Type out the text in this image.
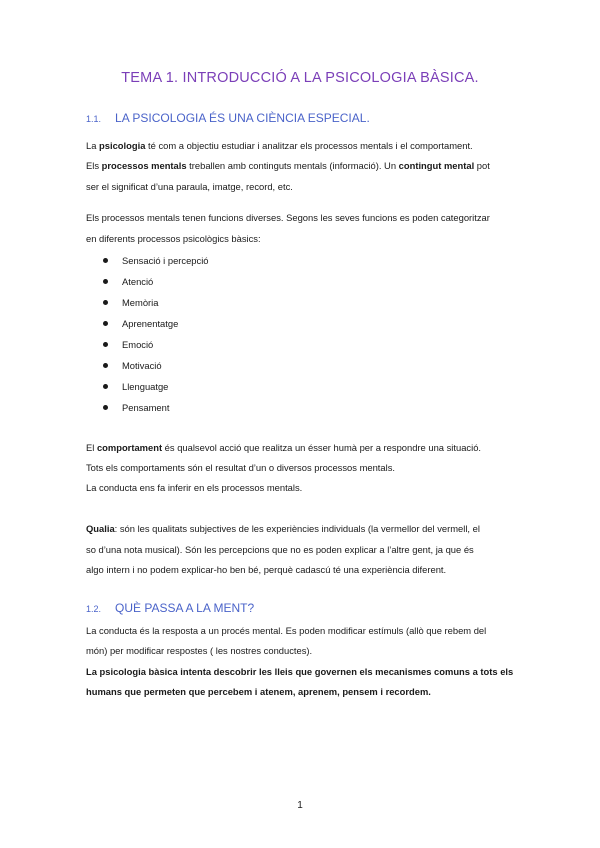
TEMA 1. INTRODUCCIÓ A LA PSICOLOGIA BÀSICA.
1.1. LA PSICOLOGIA ÉS UNA CIÈNCIA ESPECIAL.
La psicologia té com a objectiu estudiar i analitzar els processos mentals i el comportament.
Els processos mentals treballen amb continguts mentals (informació). Un contingut mental pot
ser el significat d’una paraula, imatge, record, etc.
Els processos mentals tenen funcions diverses. Segons les seves funcions es poden categoritzar
en diferents processos psicològics bàsics:
Sensació i percepció
Atenció
Memòria
Aprenentatge
Emoció
Motivació
Llenguatge
Pensament
El comportament és qualsevol acció que realitza un ésser humà per a respondre una situació.
Tots els comportaments són el resultat d’un o diversos processos mentals.
La conducta ens fa inferir en els processos mentals.
Qualia: són les qualitats subjectives de les experiències individuals (la vermellor del vermell, el
so d’una nota musical). Són les percepcions que no es poden explicar a l’altre gent, ja que és
algo intern i no podem explicar-ho ben bé, perquè cadascú té una experiència diferent.
1.2. QUÈ PASSA A LA MENT?
La conducta és la resposta a un procés mental. Es poden modificar estímuls (allò que rebem del
món) per modificar respostes ( les nostres conductes).
La psicologia bàsica intenta descobrir les lleis que governen els mecanismes comuns a tots els
humans que permeten que percebem i atenem, aprenem, pensem i recordem.
1
